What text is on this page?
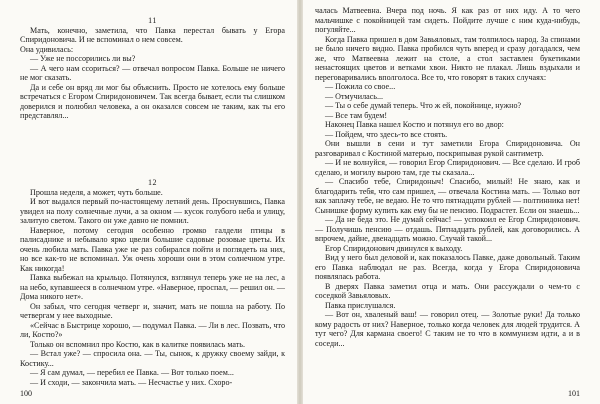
11

Мать, конечно, заметила, что Павка перестал бывать у Егора Спиридоновича. И не вспоминал о нем совсем.

Она удивилась:

— Уже не поссорились ли вы?

— А чего нам ссориться? — отвечал вопросом Павка. Больше не ничего не мог сказать.

Да и себе он вряд ли мог бы объяснить. Просто не хотелось ему больше встречаться с Егором Спиридоновичем. Так всегда бывает, если ты слишком доверился и полюбил человека, а он оказался совсем не таким, как ты его представлял...

12

Прошла неделя, а может, чуть больше.

И вот выдался первый по-настоящему летний день. Проснувшись, Павка увидел на полу солнечные лучи, а за окном — кусок голубого неба и улицу, залитую светом. Такого он уже давно не помнил.

Наверное, потому сегодня особенно громко галдели птицы в палисаднике и небывало ярко цвели большие садовые розовые цветы. Их очень любила мать. Павка уже не раз собирался пойти и поглядеть на них, но все как-то не вспоминал. Уж очень хороши они в этом солнечном утре. Как никогда!

Павка выбежал на крыльцо. Потянулся, взглянул теперь уже не на лес, а на небо, купавшееся в солнечном утре. «Наверное, проспал, — решил он. — Дома никого нет».

Он забыл, что сегодня четверг и, значит, мать не пошла на работу. По четвергам у нее выходные.

«Сейчас в Быстрице хорошо, — подумал Павка. — Ли в лес. Позвать, что ли, Костю?»

Только он вспомнил про Костю, как в калитке появилась мать.

— Встал уже? — спросила она. — Ты, сынок, к дружку своему зайди, к Костику...

— Я сам думал, — перебил ее Павка. — Вот только поем...

— И сходи, — закончила мать. — Несчастье у них. Схоро-

100

чалась Матвеевна. Вчера под ночь. Я как раз от них иду. А то чего мальчишке с покойницей там сидеть. Пойдите лучше с ним куда-нибудь, погуляйте...

Когда Павка пришел в дом Завьяловых, там толпилось народ. За спинами не было ничего видно. Павка пробился чуть вперед и сразу догадался, чем же, что Матвеевна лежит на столе, а стол заставлен букетиками ненастоящих цветов и ветками хвои. Никто не плакал. Лишь вздыхали и переговаривались вполголоса. Все то, что говорят в таких случаях:

— Пожила со свое...

— Отмучилась...

— Ты о себе думай теперь. Что ж ей, покойнице, нужно?

— Все там будем!

Наконец Павка нашел Костю и потянул его во двор:

— Пойдем, что здесь-то все стоять.

Они вышли в сени и тут заметили Егора Спиридоновича. Он разговаривал с Костиной матерью, поскрипывая рукой сантиметр.

— И не волнуйся, — говорил Егор Спиридонович. — Все сделаю. И гроб сделаю, и могилу вырою там, где ты сказала...

— Спасибо тебе, Спиридоныч! Спасибо, милый! Не знаю, как и благодарить тебя, что сам пришел, — отвечала Костина мать. — Только вот как заплачу тебе, не ведаю. Не то что пятнадцати рублей — полтинника нет! Сынишке форму купить как ему бы не пенсию. Подрастет. Если он знаешь...

— Да не беда это. Не думай сейчас! — успокоил ее Егор Спиридонович. — Получишь пенсию — отдашь. Пятнадцать рублей, как договорились. А впрочем, дайне, двенадцать можно. Случай такой...

Егор Спиридонович двинулся к выходу.

Вид у него был деловой и, как показалось Павке, даже довольный. Таким его Павка наблюдал не раз. Всегда, когда у Егора Спиридоновича появлялась работа.

В дверях Павка заметил отца и мать. Они рассуждали о чем-то с соседкой Завьяловых.

Павка прислушался.

— Вот он, хваленый ваш! — говорил отец. — Золотые руки! Да только кому радость от них? Наверное, только когда человек для людей трудится. А тут чего? Для кармана своего! С таким не то что в коммунизм идти, а и в соседи...

101
